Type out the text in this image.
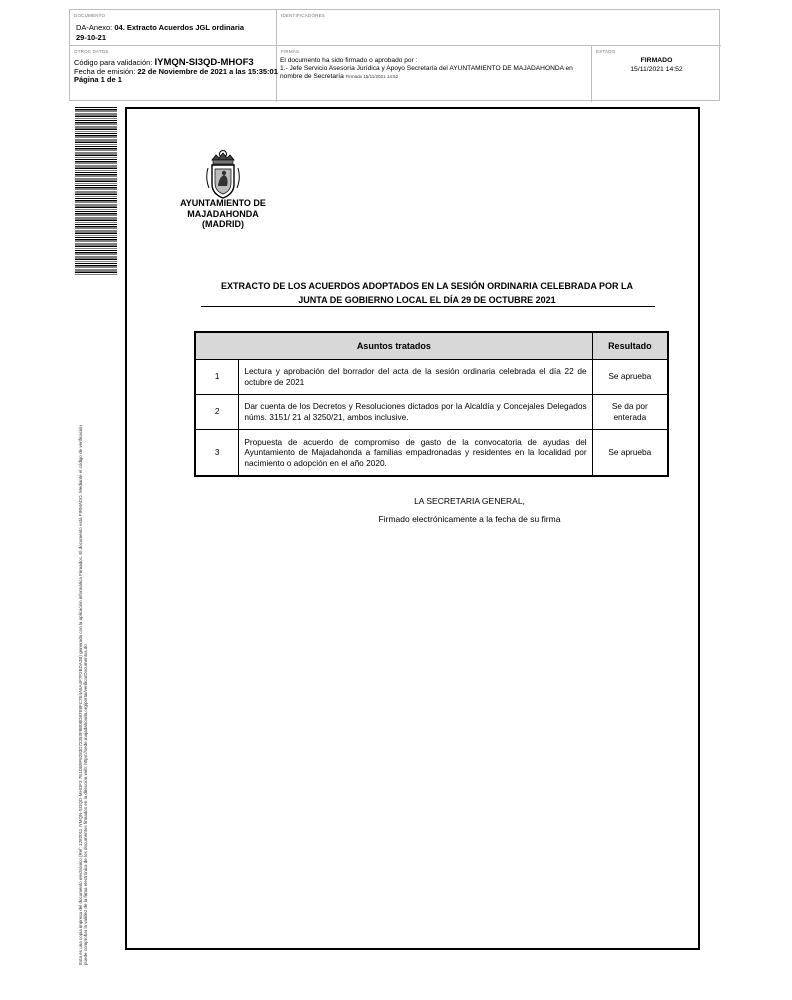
DOCUMENTO
DA-Anexo: 04. Extracto Acuerdos JGL ordinaria
29-10-21
IDENTIFICADORES
OTROS DATOS
Código para validación: IYMQN-SI3QD-MHOF3
Fecha de emisión: 22 de Noviembre de 2021 a las 15:35:01
Página 1 de 1
FIRMAS
El documento ha sido firmado o aprobado por :
1.- Jefe Servicio Asesoría Jurídica y Apoyo Secretaría del AYUNTAMIENTO DE MAJADAHONDA en nombre de Secretaría Firmado 15/11/2021 14:52
ESTADO
FIRMADO
15/11/2021 14:52
Esta es una copia impresa del documento electrónico (Ref: 1282011 IYMQN-SI3QD-MHOF3 7E1DB9F6283D72353F8B08D87E8FC7E4A5A4F7F2BDA2B) generada con la aplicación informática Firmadoc. El documento está FIRMADO. Mediante el código de verificación puede comprobar la validez de la firma electrónica de los documentos firmados en la dirección web: https://sede.majadahonda.org/portal/verificarDocumentos.do
AYUNTAMIENTO DE
MAJADAHONDA
(MADRID)
EXTRACTO DE LOS ACUERDOS ADOPTADOS EN LA SESIÓN ORDINARIA CELEBRADA POR LA
JUNTA DE GOBIERNO LOCAL EL DÍA 29 DE OCTUBRE 2021
Asuntos tratados		Resultado
1	Lectura y aprobación del borrador del acta de la sesión ordinaria celebrada el día 22 de octubre de 2021	Se aprueba
2	Dar cuenta de los Decretos y Resoluciones dictados por la Alcaldía y Concejales Delegados núms. 3151/ 21 al 3250/21, ambos inclusive.	Se da por enterada
3	Propuesta de acuerdo de compromiso de gasto de la convocatoria de ayudas del Ayuntamiento de Majadahonda a familias empadronadas y residentes en la localidad por nacimiento o adopción en el año 2020.	Se aprueba
LA SECRETARIA GENERAL,
Firmado electrónicamente a la fecha de su firma
